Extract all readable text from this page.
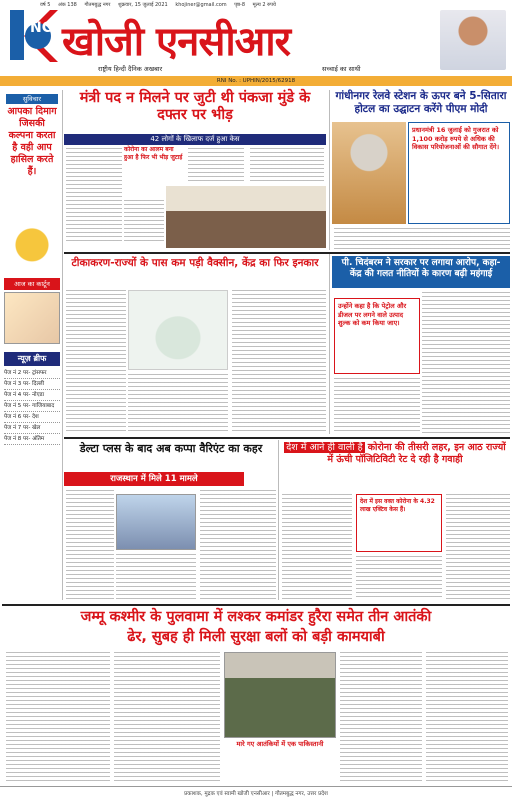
वर्ष 5 अंक 138 गौतमबुद्ध नगर शुक्रवार, 15 जुलाई 2021 khojiner@gmail.com पृष्ठ-8 मूल्य 2 रुपये
NCR खोजी एनसीआर
राष्ट्रीय हिन्दी दैनिक अखबार	सच्चाई का साथी
RNI No. : UPHIN/2015/62918
सुविचार
आपका दिमाग जिसकी कल्पना करता है वही आप हासिल करते हैं।
आज का कार्टून
न्यूज़ ब्रीफ
पेज नं 2 पर- ट्रांसफर
पेज नं 3 पर- दिल्ली
पेज नं 4 पर- नोएडा
पेज नं 5 पर- गाजियाबाद
पेज नं 6 पर- देश
पेज नं 7 पर- खेल
पेज नं 8 पर- अंतिम
मंत्री पद न मिलने पर जुटी थी पंकजा मुंडे के दफ्तर पर भीड़
42 लोगों के खिलाफ दर्ज हुआ केस
कोरोना का आलम बना हुआ है फिर भी भीड़ जुटाई
गांधीनगर रेलवे स्टेशन के ऊपर बने 5-सितारा होटल का उद्घाटन करेंगे पीएम मोदी
प्रधानमंत्री 16 जुलाई को गुजरात को 1,100 करोड़ रुपये से अधिक की विकास परियोजनाओं की सौगात देंगे।
टीकाकरण-राज्यों के पास कम पड़ी वैक्सीन, केंद्र का फिर इनकार	पी. चिदंबरम ने सरकार पर लगाया आरोप, कहा- केंद्र की गलत नीतियों के कारण बढ़ी महंगाई
उन्होंने कहा है कि पेट्रोल और डीजल पर लगने वाले उत्पाद शुल्क को कम किया जाए।
डेल्टा प्लस के बाद अब कप्पा वैरिएंट का कहर
राजस्थान में मिले 11 मामले
देश में आने ही वाली है कोरोना की तीसरी लहर, इन आठ राज्यों में ऊंची पॉजिटिविटी रेट दे रही है गवाही
देश में इस वक्त कोरोना के 4.32 लाख एक्टिव केस हैं।
जम्मू कश्मीर के पुलवामा में लश्कर कमांडर हुरैरा समेत तीन आतंकी
ढेर, सुबह ही मिली सुरक्षा बलों को बड़ी कामयाबी
मारे गए आतंकियों में एक पाकिस्तानी
प्रकाशक, मुद्रक एवं स्वामी खोजी एनसीआर | गौतमबुद्ध नगर, उत्तर प्रदेश
